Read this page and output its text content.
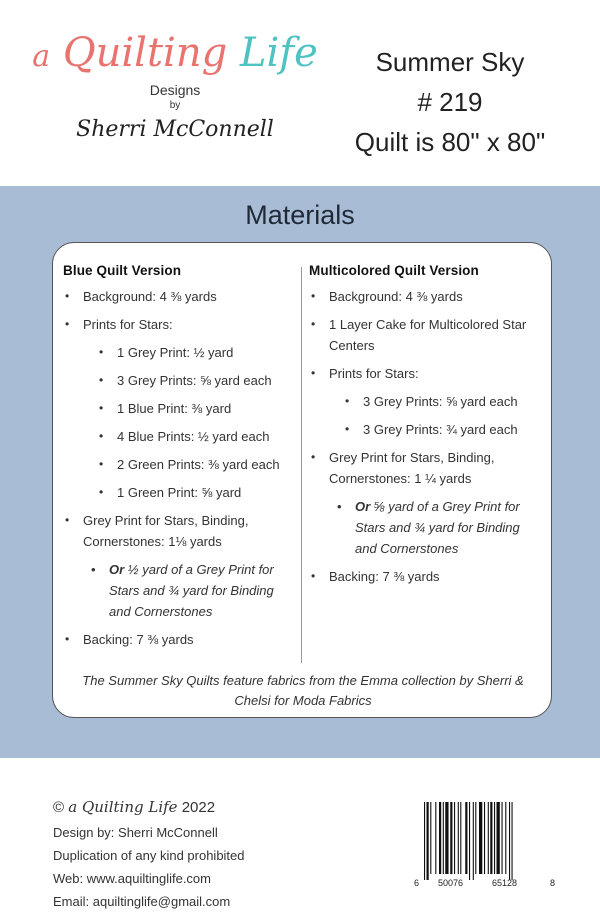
a Quilting Life
Designs
by
Sherri McConnell
Summer Sky
# 219
Quilt is 80" x 80"
Materials
Blue Quilt Version
• Background: 4 ⅜ yards
• Prints for Stars:
• 1 Grey Print: ½ yard
• 3 Grey Prints: ⅝ yard each
• 1 Blue Print: ⅜ yard
• 4 Blue Prints: ½ yard each
• 2 Green Prints: ⅜ yard each
• 1 Green Print: ⅝ yard
• Grey Print for Stars, Binding, Cornerstones: 1⅛ yards
• Or ½ yard of a Grey Print for Stars and ¾ yard for Binding and Cornerstones
• Backing: 7 ⅜ yards
Multicolored Quilt Version
• Background: 4 ⅜ yards
• 1 Layer Cake for Multicolored Star Centers
• Prints for Stars:
• 3 Grey Prints: ⅝ yard each
• 3 Grey Prints: ¾ yard each
• Grey Print for Stars, Binding, Cornerstones: 1 ¼ yards
• Or ⅝ yard of a Grey Print for Stars and ¾ yard for Binding and Cornerstones
• Backing: 7 ⅜ yards
The Summer Sky Quilts feature fabrics from the Emma collection by Sherri & Chelsi for Moda Fabrics
© a Quilting Life 2022
Design by: Sherri McConnell
Duplication of any kind prohibited
Web: www.aquiltinglife.com
Email: aquiltinglife@gmail.com
6 50076	65128	8
